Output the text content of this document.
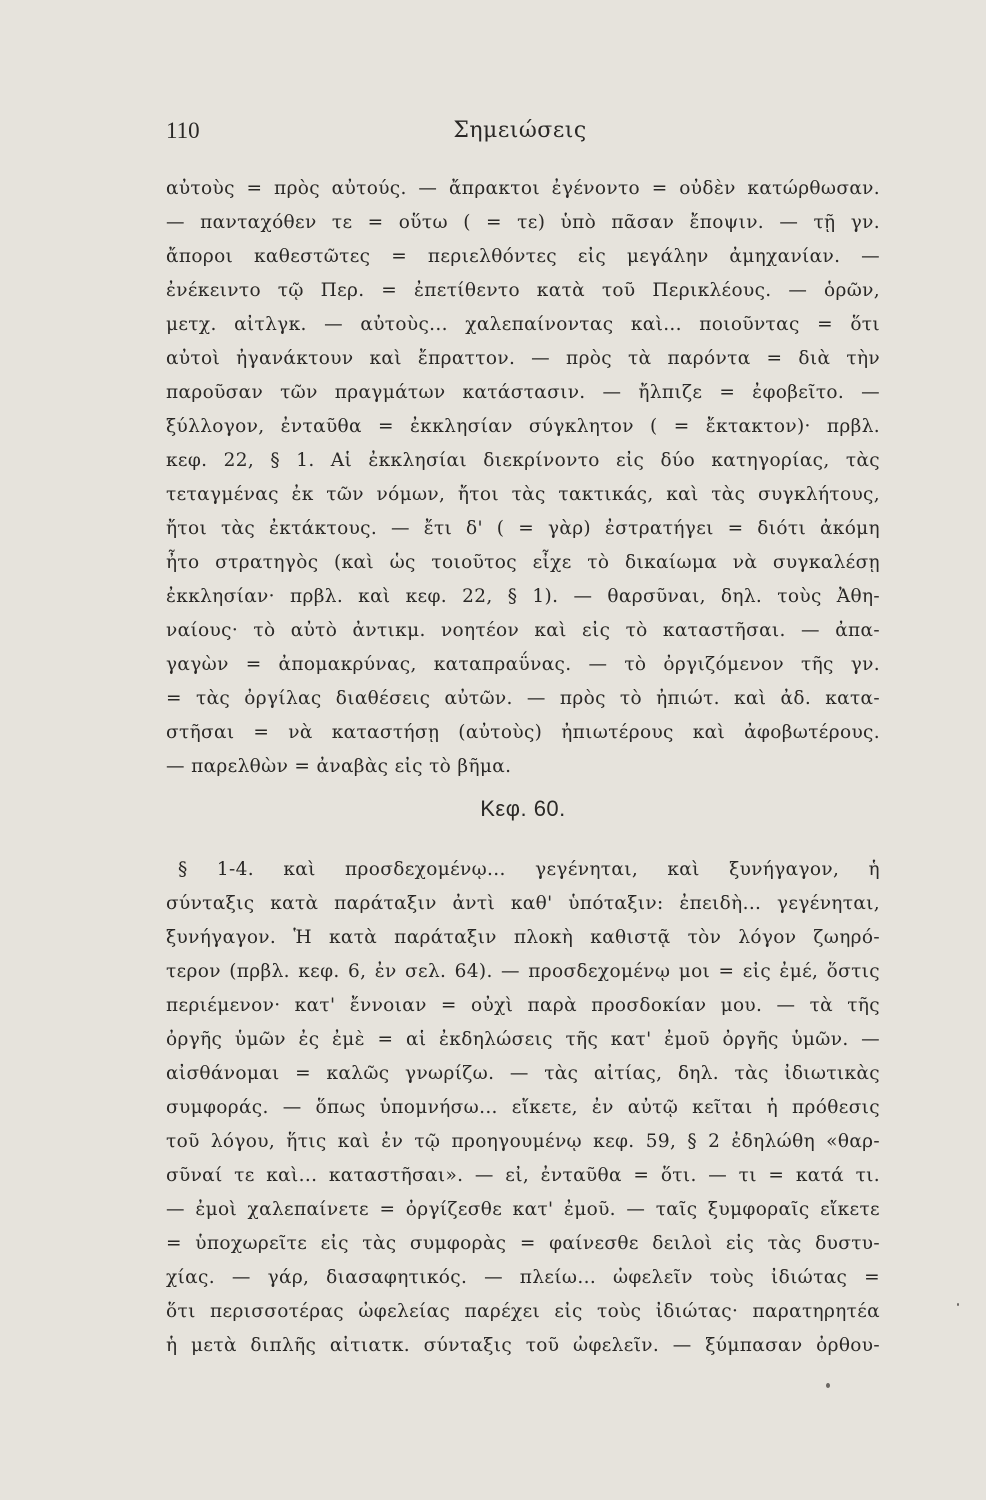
110	Σημειώσεις
αὐτοὺς = πρὸς αὐτούς. — ἄπρακτοι ἐγένοντο = οὐδὲν κατώρθωσαν.
— πανταχόθεν τε = οὕτω ( = τε) ὑπὸ πᾶσαν ἔποψιν. — τῇ γν.
ἄποροι καθεστῶτες = περιελθόντες εἰς μεγάλην ἀμηχανίαν. —
ἐνέκειντο τῷ Περ. = ἐπετίθεντο κατὰ τοῦ Περικλέους. — ὁρῶν,
μετχ. αἰτλγκ. — αὐτοὺς... χαλεπαίνοντας καὶ... ποιοῦντας = ὅτι
αὐτοὶ ἠγανάκτουν καὶ ἔπραττον. — πρὸς τὰ παρόντα = διὰ τὴν
παροῦσαν τῶν πραγμάτων κατάστασιν. — ἤλπιζε = ἐφοβεῖτο. —
ξύλλογον, ἐνταῦθα = ἐκκλησίαν σύγκλητον ( = ἔκτακτον)· πρβλ.
κεφ. 22, § 1. Αἱ ἐκκλησίαι διεκρίνοντο εἰς δύο κατηγορίας, τὰς
τεταγμένας ἐκ τῶν νόμων, ἤτοι τὰς τακτικάς, καὶ τὰς συγκλήτους,
ἤτοι τὰς ἐκτάκτους. — ἔτι δ' ( = γὰρ) ἐστρατήγει = διότι ἀκόμη
ἦτο στρατηγὸς (καὶ ὡς τοιοῦτος εἶχε τὸ δικαίωμα νὰ συγκαλέσῃ
ἐκκλησίαν· πρβλ. καὶ κεφ. 22, § 1). — θαρσῦναι, δηλ. τοὺς Ἀθη-
ναίους· τὸ αὐτὸ ἀντικμ. νοητέον καὶ εἰς τὸ καταστῆσαι. — ἀπα-
γαγὼν = ἀπομακρύνας, καταπραΰνας. — τὸ ὀργιζόμενον τῆς γν.
= τὰς ὀργίλας διαθέσεις αὐτῶν. — πρὸς τὸ ἠπιώτ. καὶ ἀδ. κατα-
στῆσαι = νὰ καταστήσῃ (αὐτοὺς) ἠπιωτέρους καὶ ἀφοβωτέρους.
— παρελθὼν = ἀναβὰς εἰς τὸ βῆμα.
Κεφ. 60.
§ 1-4. καὶ προσδεχομένῳ... γεγένηται, καὶ ξυνήγαγον, ἡ
σύνταξις κατὰ παράταξιν ἀντὶ καθ' ὑπόταξιν: ἐπειδὴ... γεγένηται,
ξυνήγαγον. Ἡ κατὰ παράταξιν πλοκὴ καθιστᾷ τὸν λόγον ζωηρό-
τερον (πρβλ. κεφ. 6, ἐν σελ. 64). — προσδεχομένῳ μοι = εἰς ἐμέ, ὅστις
περιέμενον· κατ' ἔννοιαν = οὐχὶ παρὰ προσδοκίαν μου. — τὰ τῆς
ὀργῆς ὑμῶν ἐς ἐμὲ = αἱ ἐκδηλώσεις τῆς κατ' ἐμοῦ ὀργῆς ὑμῶν. —
αἰσθάνομαι = καλῶς γνωρίζω. — τὰς αἰτίας, δηλ. τὰς ἰδιωτικὰς
συμφοράς. — ὅπως ὑπομνήσω... εἴκετε, ἐν αὐτῷ κεῖται ἡ πρόθεσις
τοῦ λόγου, ἥτις καὶ ἐν τῷ προηγουμένῳ κεφ. 59, § 2 ἐδηλώθη «θαρ-
σῦναί τε καὶ... καταστῆσαι». — εἰ, ἐνταῦθα = ὅτι. — τι = κατά τι.
— ἐμοὶ χαλεπαίνετε = ὀργίζεσθε κατ' ἐμοῦ. — ταῖς ξυμφοραῖς εἴκετε
= ὑποχωρεῖτε εἰς τὰς συμφορὰς = φαίνεσθε δειλοὶ εἰς τὰς δυστυ-
χίας. — γάρ, διασαφητικός. — πλείω... ὠφελεῖν τοὺς ἰδιώτας =
ὅτι περισσοτέρας ὠφελείας παρέχει εἰς τοὺς ἰδιώτας· παρατηρητέα
ἡ μετὰ διπλῆς αἰτιατκ. σύνταξις τοῦ ὠφελεῖν. — ξύμπασαν ὀρθου-
